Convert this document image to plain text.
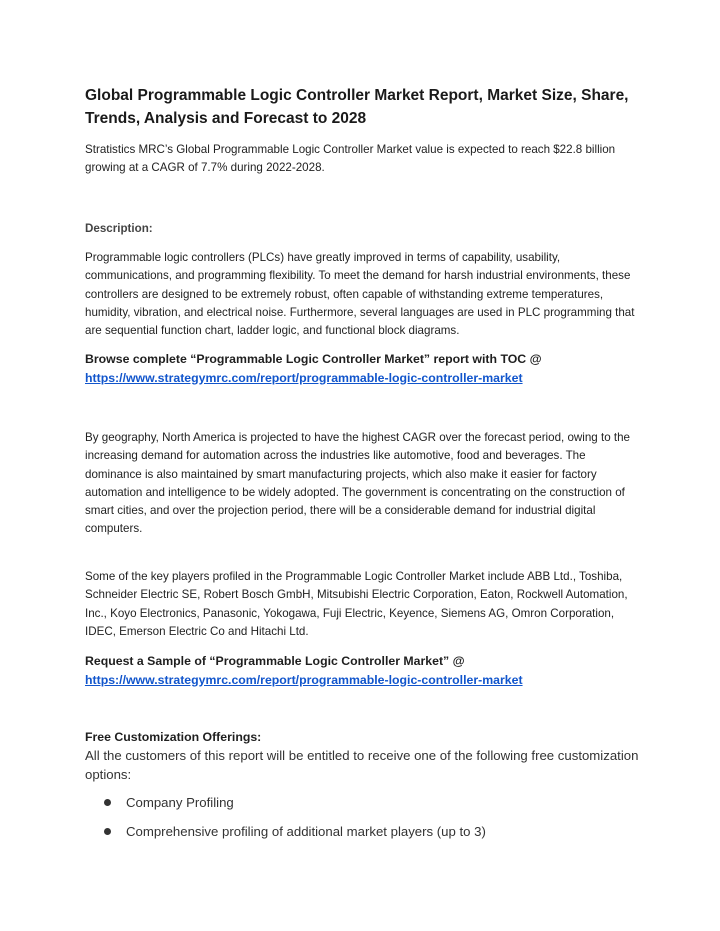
Global Programmable Logic Controller Market Report, Market Size, Share, Trends, Analysis and Forecast to 2028

Stratistics MRC’s Global Programmable Logic Controller Market value is expected to reach $22.8 billion growing at a CAGR of 7.7% during 2022-2028.

Description:

Programmable logic controllers (PLCs) have greatly improved in terms of capability, usability, communications, and programming flexibility. To meet the demand for harsh industrial environments, these controllers are designed to be extremely robust, often capable of withstanding extreme temperatures, humidity, vibration, and electrical noise. Furthermore, several languages are used in PLC programming that are sequential function chart, ladder logic, and functional block diagrams.

Browse complete “Programmable Logic Controller Market” report with TOC @
https://www.strategymrc.com/report/programmable-logic-controller-market

By geography, North America is projected to have the highest CAGR over the forecast period, owing to the increasing demand for automation across the industries like automotive, food and beverages. The dominance is also maintained by smart manufacturing projects, which also make it easier for factory automation and intelligence to be widely adopted. The government is concentrating on the construction of smart cities, and over the projection period, there will be a considerable demand for industrial digital computers.

Some of the key players profiled in the Programmable Logic Controller Market include ABB Ltd., Toshiba, Schneider Electric SE, Robert Bosch GmbH, Mitsubishi Electric Corporation, Eaton, Rockwell Automation, Inc., Koyo Electronics, Panasonic, Yokogawa, Fuji Electric, Keyence, Siemens AG, Omron Corporation, IDEC, Emerson Electric Co and Hitachi Ltd.

Request a Sample of “Programmable Logic Controller Market” @
https://www.strategymrc.com/report/programmable-logic-controller-market

Free Customization Offerings:

All the customers of this report will be entitled to receive one of the following free customization options:

Company Profiling
Comprehensive profiling of additional market players (up to 3)
